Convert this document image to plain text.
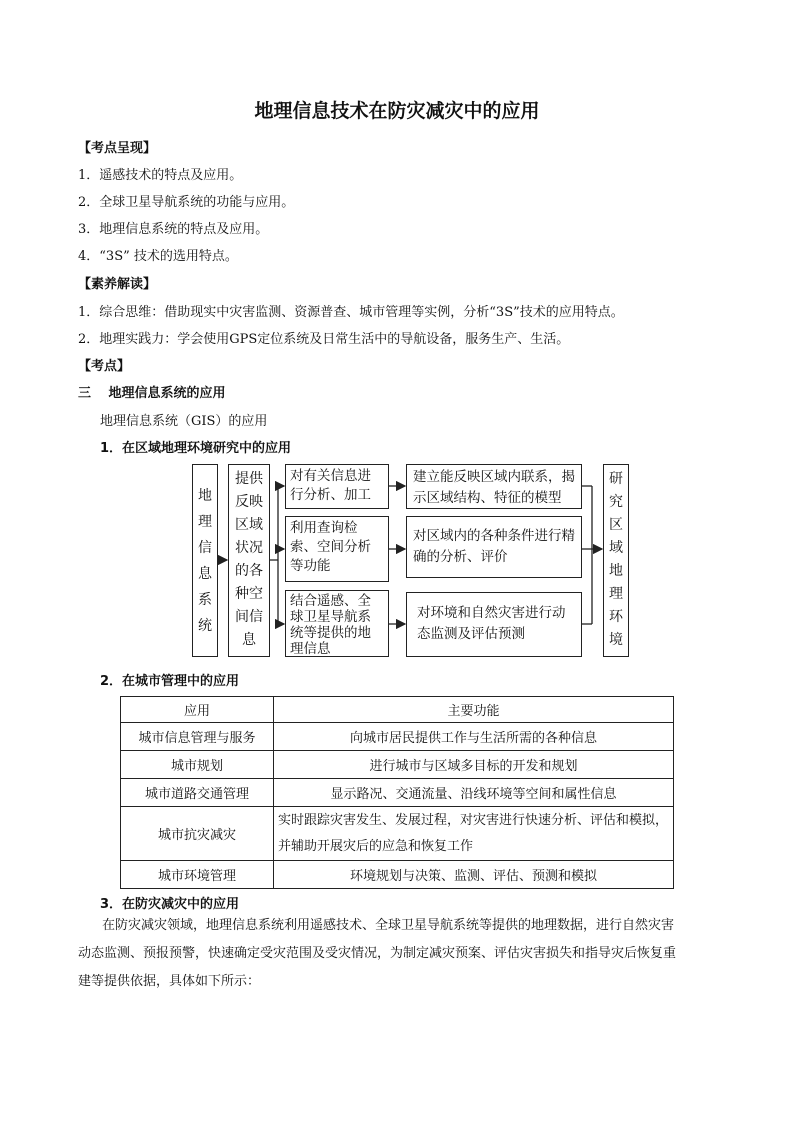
地理信息技术在防灾减灾中的应用
【考点呈现】
1．遥感技术的特点及应用。
2．全球卫星导航系统的功能与应用。
3．地理信息系统的特点及应用。
4．“3S” 技术的选用特点。
【素养解读】
1．综合思维：借助现实中灾害监测、资源普查、城市管理等实例，分析“3S”技术的应用特点。
2．地理实践力：学会使用GPS定位系统及日常生活中的导航设备，服务生产、生活。
【考点】
三　 地理信息系统的应用
地理信息系统（GIS）的应用
1．在区域地理环境研究中的应用
地
理
信
息
系
统
提供
反映
区域
状况
的各
种空
间信
息
对有关信息进行分析、加工
利用查询检索、空间分析等功能
结合遥感、全球卫星导航系统等提供的地理信息
建立能反映区域内联系，揭示区域结构、特征的模型
对区域内的各种条件进行精确的分析、评价
对环境和自然灾害进行动态监测及评估预测
研
究
区
域
地
理
环
境
2．在城市管理中的应用
应用	主要功能
城市信息管理与服务	向城市居民提供工作与生活所需的各种信息
城市规划	进行城市与区域多目标的开发和规划
城市道路交通管理	显示路况、交通流量、沿线环境等空间和属性信息
城市抗灾减灾	实时跟踪灾害发生、发展过程，对灾害进行快速分析、评估和模拟，并辅助开展灾后的应急和恢复工作
城市环境管理	环境规划与决策、监测、评估、预测和模拟
3．在防灾减灾中的应用
在防灾减灾领域，地理信息系统利用遥感技术、全球卫星导航系统等提供的地理数据，进行自然灾害
动态监测、预报预警，快速确定受灾范围及受灾情况，为制定减灾预案、评估灾害损失和指导灾后恢复重
建等提供依据，具体如下所示：
